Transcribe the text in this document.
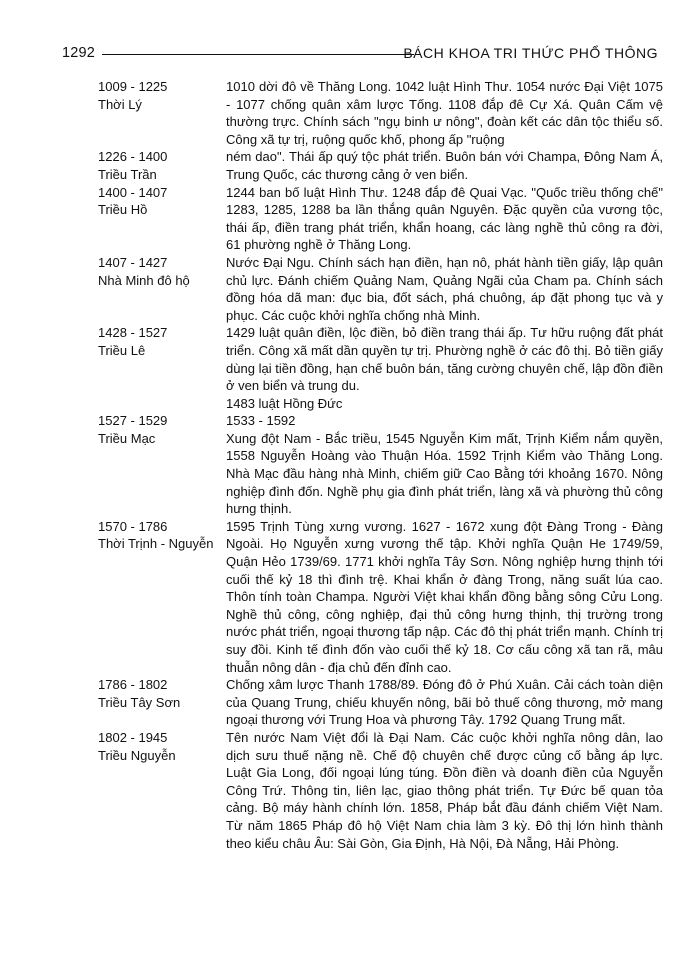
1292	BÁCH KHOA TRI THỨC PHỔ THÔNG
1009 - 1225
Thời Lý

1010 dời đô về Thăng Long. 1042 luật Hình Thư. 1054 nước Đại Việt 1075 - 1077 chống quân xâm lược Tống. 1108 đắp đê Cự Xá. Quân Cấm vệ thường trực. Chính sách "ngụ binh ư nông", đoàn kết các dân tộc thiểu số. Công xã tự trị, ruộng quốc khố, phong ấp "ruộng

1226 - 1400
Triều Trần

ném dao". Thái ấp quý tộc phát triển. Buôn bán với Champa, Đông Nam Á, Trung Quốc, các thương cảng ở ven biển.

1400 - 1407
Triều Hồ

1244 ban bố luật Hình Thư. 1248 đắp đê Quai Vạc. "Quốc triều thống chế" 1283, 1285, 1288 ba lần thắng quân Nguyên. Đặc quyền của vương tộc, thái ấp, điền trang phát triển, khẩn hoang, các làng nghề thủ công ra đời, 61 phường nghề ở Thăng Long.

1407 - 1427
Nhà Minh đô hộ

Nước Đại Ngu. Chính sách hạn điền, hạn nô, phát hành tiền giấy, lập quân chủ lực. Đánh chiếm Quảng Nam, Quảng Ngãi của Cham pa. Chính sách đồng hóa dã man: đục bia, đốt sách, phá chuông, áp đặt phong tục và y phục. Các cuộc khởi nghĩa chống nhà Minh.

1428 - 1527
Triều Lê

1429 luật quân điền, lộc điền, bỏ điền trang thái ấp. Tư hữu ruộng đất phát triển. Công xã mất dần quyền tự trị. Phường nghề ở các đô thị. Bỏ tiền giấy dùng lại tiền đồng, hạn chế buôn bán, tăng cường chuyên chế, lập đồn điền ở ven biển và trung du.

1483 luật Hồng Đức

1527 - 1529
Triều Mạc

1533 - 1592

Xung đột Nam - Bắc triều, 1545 Nguyễn Kim mất, Trịnh Kiểm nắm quyền, 1558 Nguyễn Hoàng vào Thuận Hóa. 1592 Trịnh Kiểm vào Thăng Long. Nhà Mạc đầu hàng nhà Minh, chiếm giữ Cao Bằng tới khoảng 1670. Nông nghiệp đình đốn. Nghề phụ gia đình phát triển, làng xã và phường thủ công hưng thịnh.

1570 - 1786
Thời Trịnh - Nguyễn

1595 Trịnh Tùng xưng vương. 1627 - 1672 xung đột Đàng Trong - Đàng Ngoài. Họ Nguyễn xưng vương thế tập. Khởi nghĩa Quận He 1749/59, Quận Hẻo 1739/69. 1771 khởi nghĩa Tây Sơn. Nông nghiệp hưng thịnh tới cuối thế kỷ 18 thì đình trệ. Khai khẩn ở đàng Trong, năng suất lúa cao. Thôn tính toàn Champa. Người Việt khai khẩn đồng bằng sông Cửu Long. Nghề thủ công, công nghiệp, đại thủ công hưng thịnh, thị trường trong nước phát triển, ngoại thương tấp nập. Các đô thị phát triển mạnh. Chính trị suy đồi. Kinh tế đình đốn vào cuối thế kỷ 18. Cơ cấu công xã tan rã, mâu thuẫn nông dân - địa chủ đến đỉnh cao.

1786 - 1802
Triều Tây Sơn

Chống xâm lược Thanh 1788/89. Đóng đô ở Phú Xuân. Cải cách toàn diện của Quang Trung, chiếu khuyến nông, bãi bỏ thuế công thương, mở mang ngoại thương với Trung Hoa và phương Tây. 1792 Quang Trung mất.

1802 - 1945
Triều Nguyễn

Tên nước Nam Việt đổi là Đại Nam. Các cuộc khởi nghĩa nông dân, lao dịch sưu thuế nặng nề. Chế độ chuyên chế được củng cố bằng áp lực. Luật Gia Long, đối ngoại lúng túng. Đồn điền và doanh điền của Nguyễn Công Trứ. Thông tin, liên lạc, giao thông phát triển. Tự Đức bế quan tỏa cảng. Bộ máy hành chính lớn. 1858, Pháp bắt đầu đánh chiếm Việt Nam. Từ năm 1865 Pháp đô hộ Việt Nam chia làm 3 kỳ. Đô thị lớn hình thành theo kiểu châu Âu: Sài Gòn, Gia Định, Hà Nội, Đà Nẵng, Hải Phòng.
